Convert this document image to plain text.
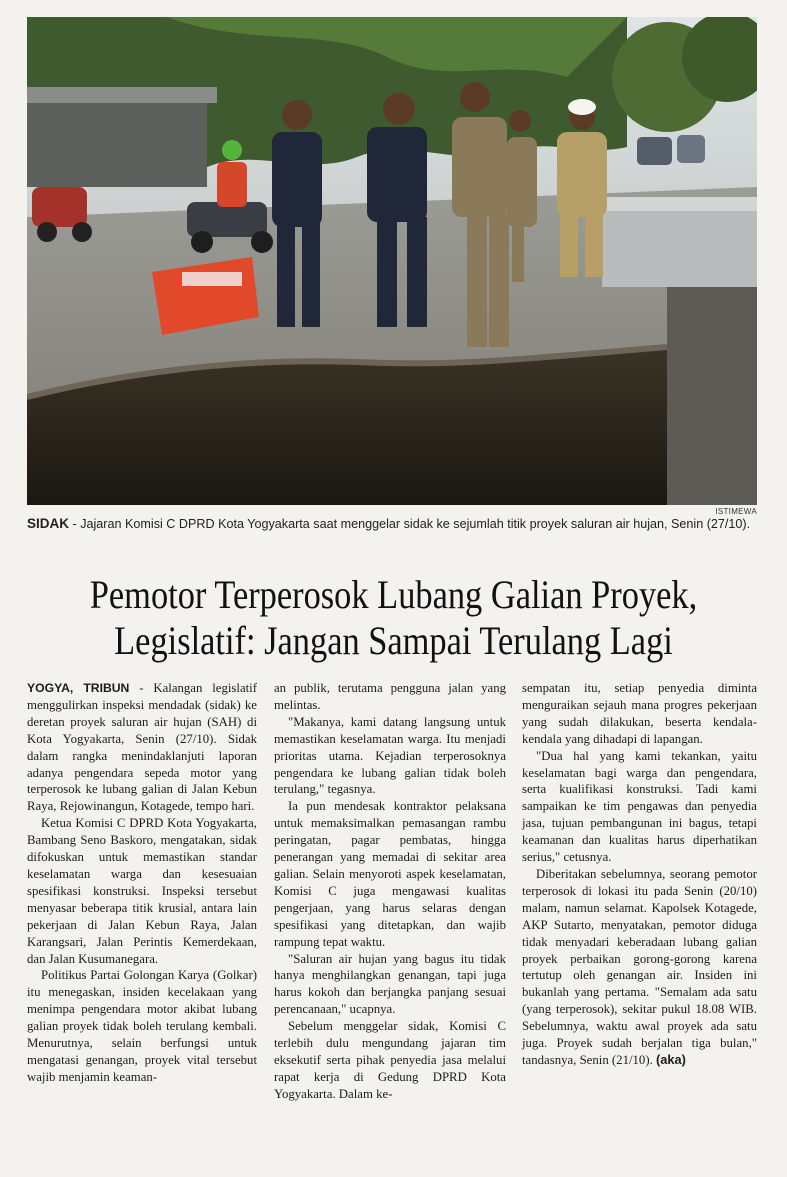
ISTIMEWA
SIDAK - Jajaran Komisi C DPRD Kota Yogyakarta saat menggelar sidak ke sejumlah titik proyek saluran air hujan, Senin (27/10).
Pemotor Terperosok Lubang Galian Proyek,
Legislatif: Jangan Sampai Terulang Lagi

YOGYA, TRIBUN - Kalangan legislatif menggulirkan inspeksi mendadak (sidak) ke deretan proyek saluran air hujan (SAH) di Kota Yogyakarta, Senin (27/10). Sidak dalam rangka menindaklanjuti laporan adanya pengendara sepeda motor yang terperosok ke lubang galian di Jalan Kebun Raya, Rejowinangun, Kotagede, tempo hari.

Ketua Komisi C DPRD Kota Yogyakarta, Bambang Seno Baskoro, mengatakan, sidak difokuskan untuk memastikan standar keselamatan warga dan kesesuaian spesifikasi konstruksi. Inspeksi tersebut menyasar beberapa titik krusial, antara lain pekerjaan di Jalan Kebun Raya, Jalan Karangsari, Jalan Perintis Kemerdekaan, dan Jalan Kusumanegara.

Politikus Partai Golongan Karya (Golkar) itu menegaskan, insiden kecelakaan yang menimpa pengendara motor akibat lubang galian proyek tidak boleh terulang kembali. Menurutnya, selain berfungsi untuk mengatasi genangan, proyek vital tersebut wajib menjamin keaman-

an publik, terutama pengguna jalan yang melintas.

"Makanya, kami datang langsung untuk memastikan keselamatan warga. Itu menjadi prioritas utama. Kejadian terperosoknya pengendara ke lubang galian tidak boleh terulang," tegasnya.

Ia pun mendesak kontraktor pelaksana untuk memaksimalkan pemasangan rambu peringatan, pagar pembatas, hingga penerangan yang memadai di sekitar area galian. Selain menyoroti aspek keselamatan, Komisi C juga mengawasi kualitas pengerjaan, yang harus selaras dengan spesifikasi yang ditetapkan, dan wajib rampung tepat waktu.

"Saluran air hujan yang bagus itu tidak hanya menghilangkan genangan, tapi juga harus kokoh dan berjangka panjang sesuai perencanaan," ucapnya.

Sebelum menggelar sidak, Komisi C terlebih dulu mengundang jajaran tim eksekutif serta pihak penyedia jasa melalui rapat kerja di Gedung DPRD Kota Yogyakarta. Dalam ke-

sempatan itu, setiap penyedia diminta menguraikan sejauh mana progres pekerjaan yang sudah dilakukan, beserta kendala-kendala yang dihadapi di lapangan.

"Dua hal yang kami tekankan, yaitu keselamatan bagi warga dan pengendara, serta kualifikasi konstruksi. Tadi kami sampaikan ke tim pengawas dan penyedia jasa, tujuan pembangunan ini bagus, tetapi keamanan dan kualitas harus diperhatikan serius," cetusnya.

Diberitakan sebelumnya, seorang pemotor terperosok di lokasi itu pada Senin (20/10) malam, namun selamat. Kapolsek Kotagede, AKP Sutarto, menyatakan, pemotor diduga tidak menyadari keberadaan lubang galian proyek perbaikan gorong-gorong karena tertutup oleh genangan air. Insiden ini bukanlah yang pertama. "Semalam ada satu (yang terperosok), sekitar pukul 18.08 WIB. Sebelumnya, waktu awal proyek ada satu juga. Proyek sudah berjalan tiga bulan," tandasnya, Senin (21/10). (aka)
